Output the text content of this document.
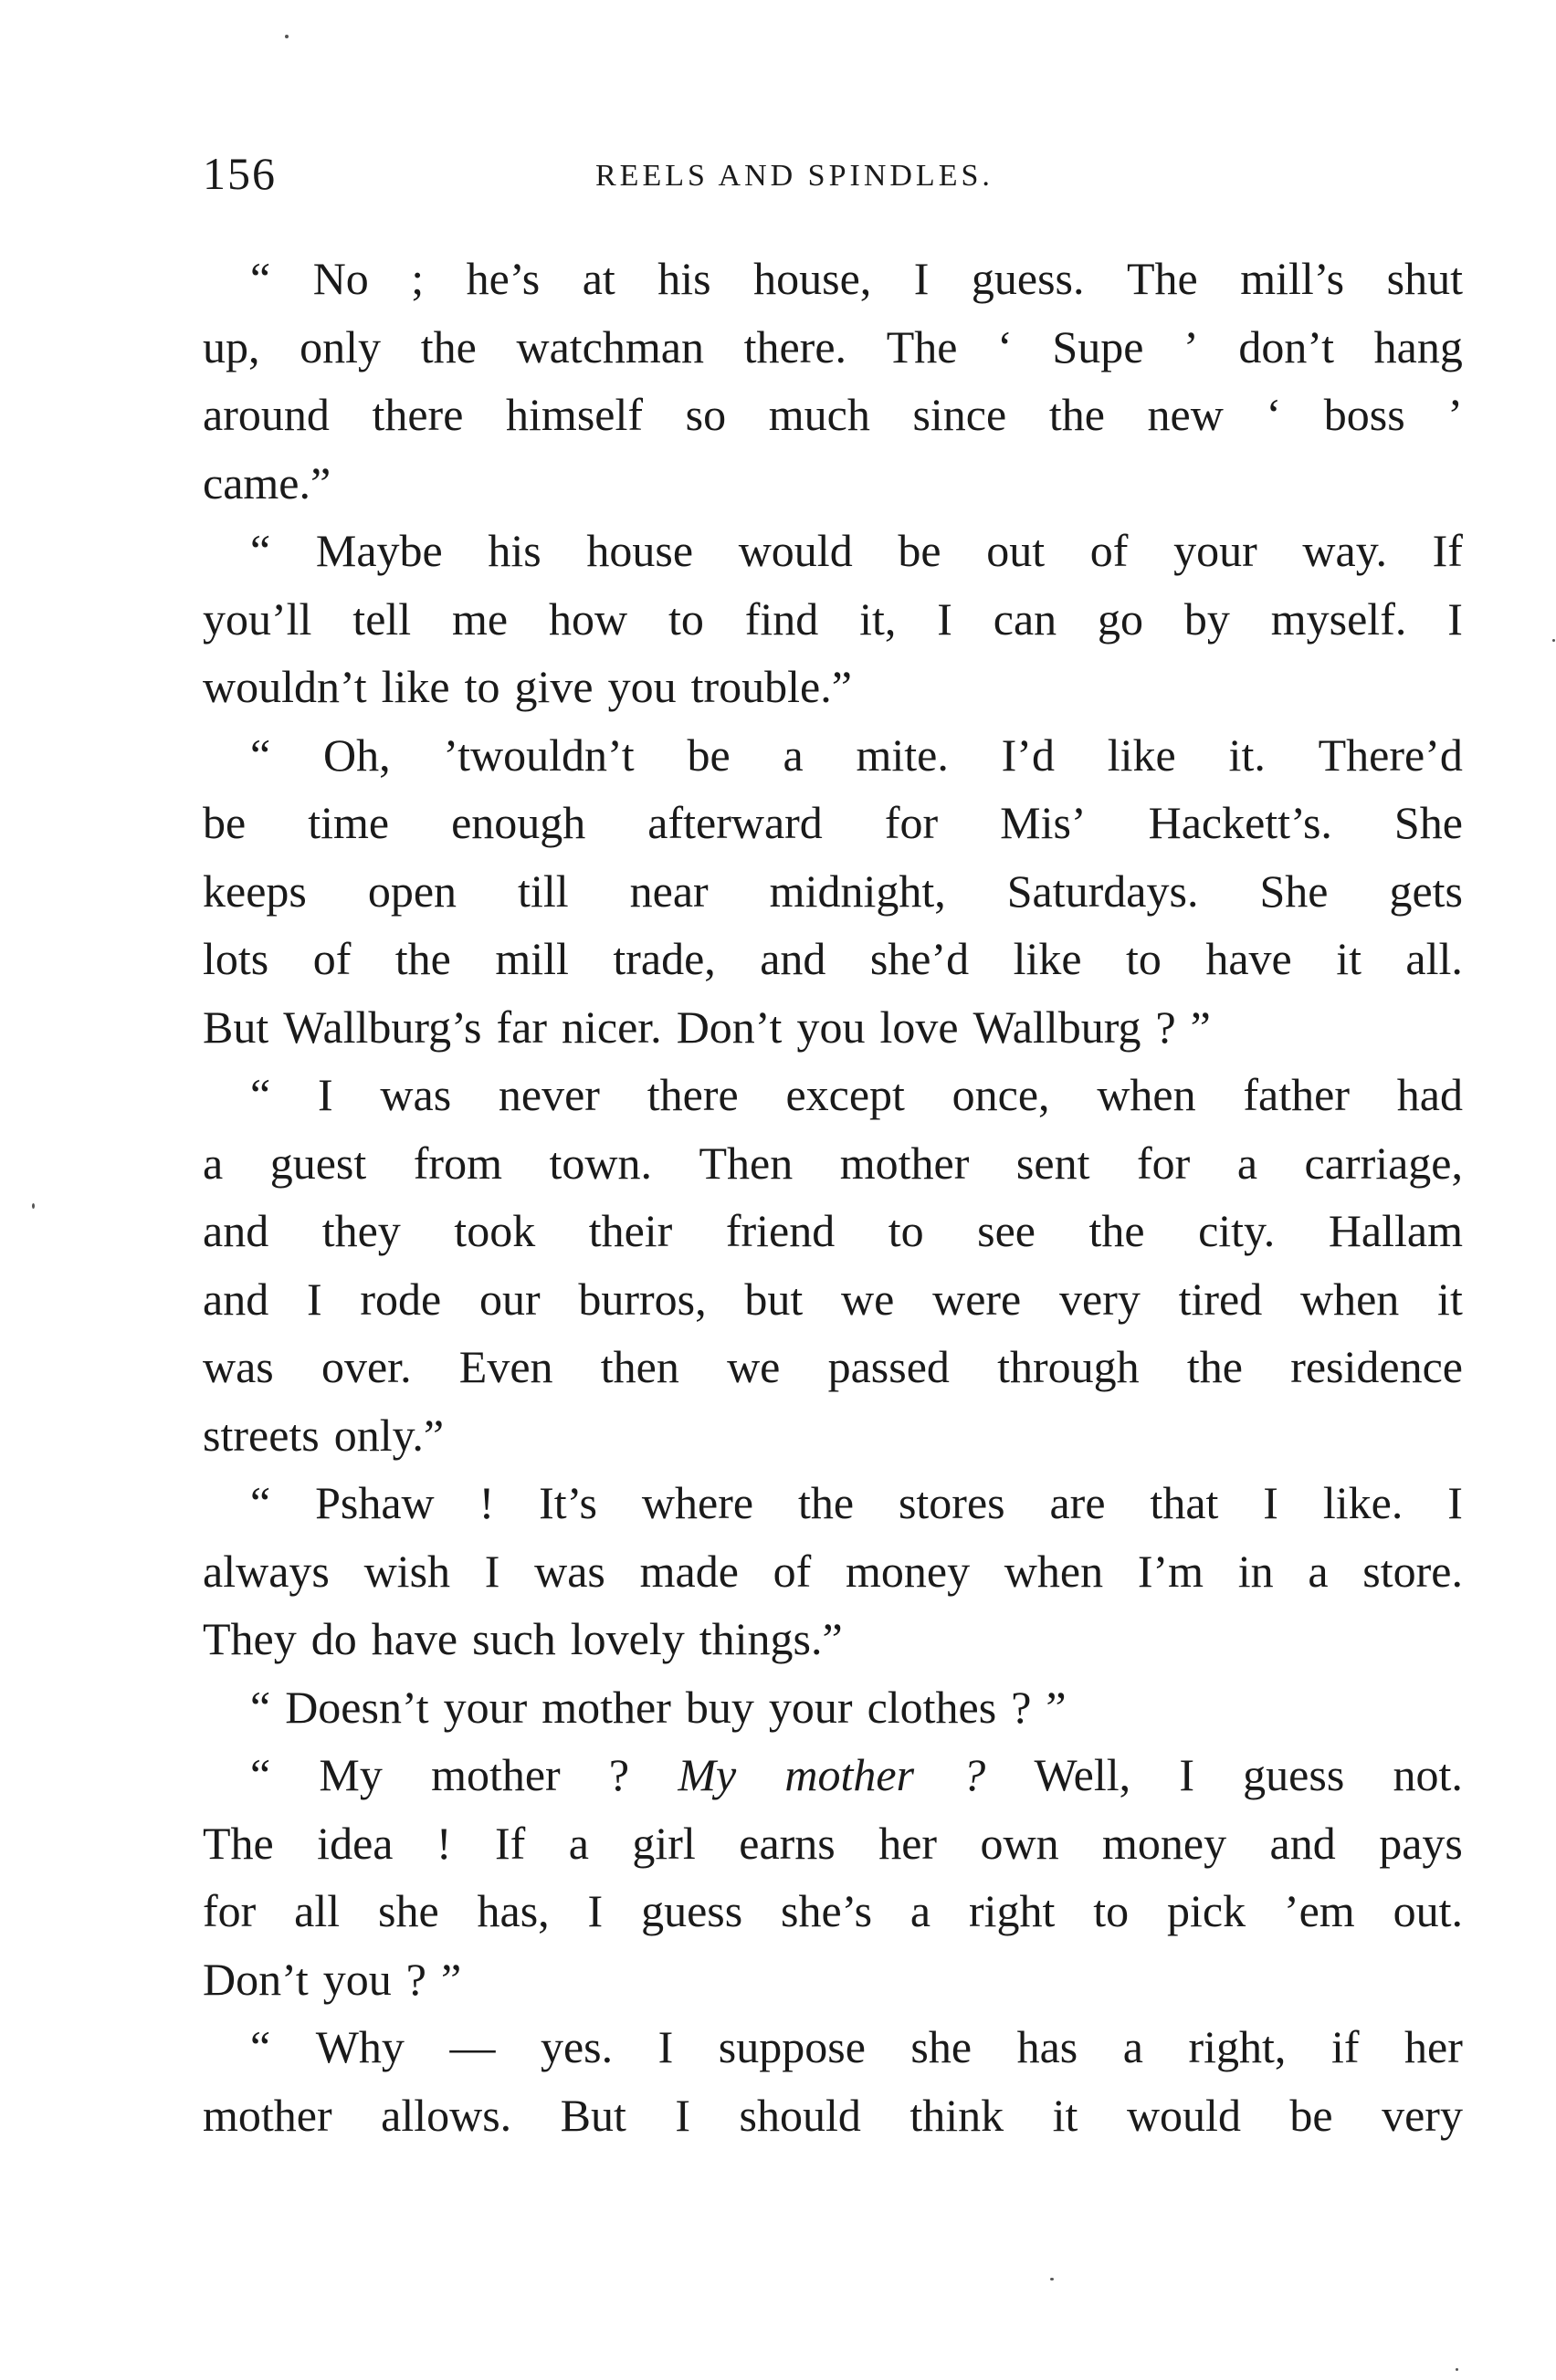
156	REELS AND SPINDLES.
“ No ; he’s at his house, I guess. The mill’s shut
up, only the watchman there. The ‘ Supe ’ don’t hang
around there himself so much since the new ‘ boss ’
came.”
“ Maybe his house would be out of your way. If
you’ll tell me how to find it, I can go by myself. I
wouldn’t like to give you trouble.”
“ Oh, ’twouldn’t be a mite. I’d like it. There’d
be time enough afterward for Mis’ Hackett’s. She
keeps open till near midnight, Saturdays. She gets
lots of the mill trade, and she’d like to have it all.
But Wallburg’s far nicer. Don’t you love Wallburg ? ”
“ I was never there except once, when father had
a guest from town. Then mother sent for a carriage,
and they took their friend to see the city. Hallam
and I rode our burros, but we were very tired when it
was over. Even then we passed through the residence
streets only.”
“ Pshaw ! It’s where the stores are that I like. I
always wish I was made of money when I’m in a store.
They do have such lovely things.”
“ Doesn’t your mother buy your clothes ? ”
“ My mother ? My mother ? Well, I guess not.
The idea ! If a girl earns her own money and pays
for all she has, I guess she’s a right to pick ’em out.
Don’t you ? ”
“ Why — yes. I suppose she has a right, if her
mother allows. But I should think it would be very
